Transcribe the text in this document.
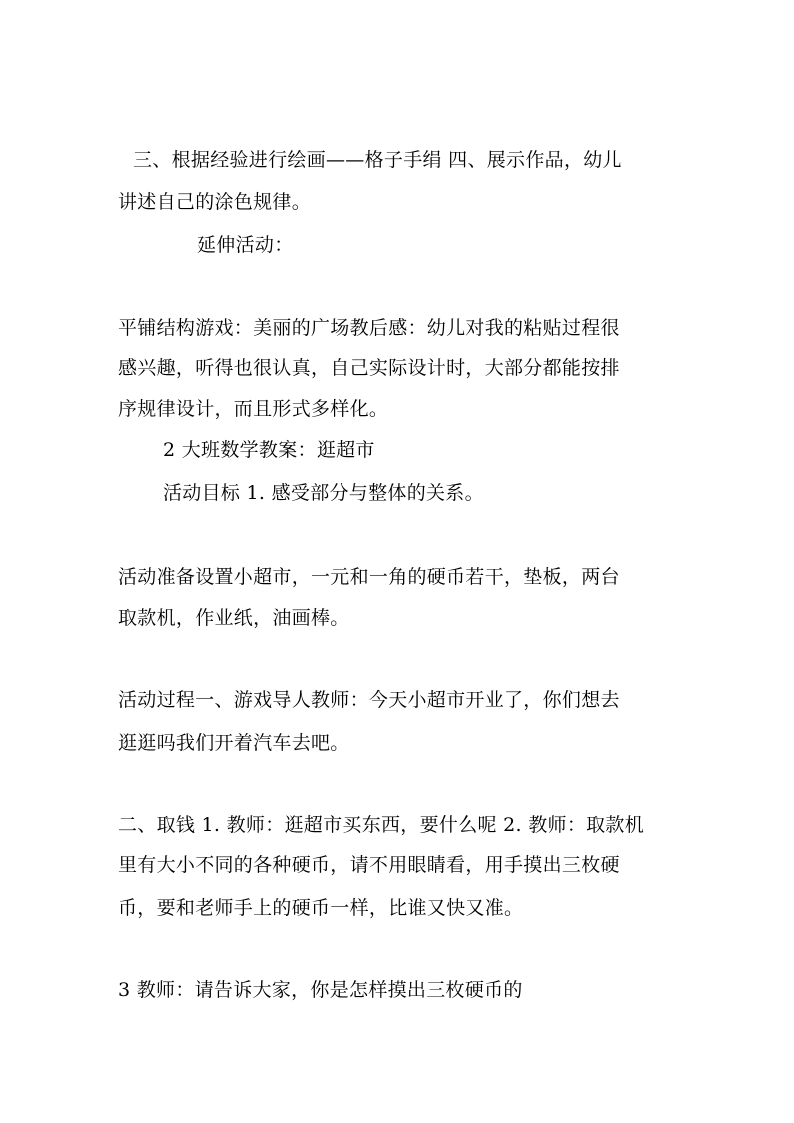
三、根据经验进行绘画——格子手绢 四、展示作品，幼儿
讲述自己的涂色规律。
延伸活动：
平铺结构游戏：美丽的广场教后感：幼儿对我的粘贴过程很
感兴趣，听得也很认真，自己实际设计时，大部分都能按排
序规律设计，而且形式多样化。
2 大班数学教案：逛超市
活动目标 1. 感受部分与整体的关系。
活动准备设置小超市，一元和一角的硬币若干，垫板，两台
取款机，作业纸，油画棒。
活动过程一、游戏导人教师：今天小超市开业了，你们想去
逛逛吗我们开着汽车去吧。
二、取钱 1. 教师：逛超市买东西，要什么呢 2. 教师：取款机
里有大小不同的各种硬币，请不用眼睛看，用手摸出三枚硬
币，要和老师手上的硬币一样，比谁又快又准。
3 教师：请告诉大家，你是怎样摸出三枚硬币的
